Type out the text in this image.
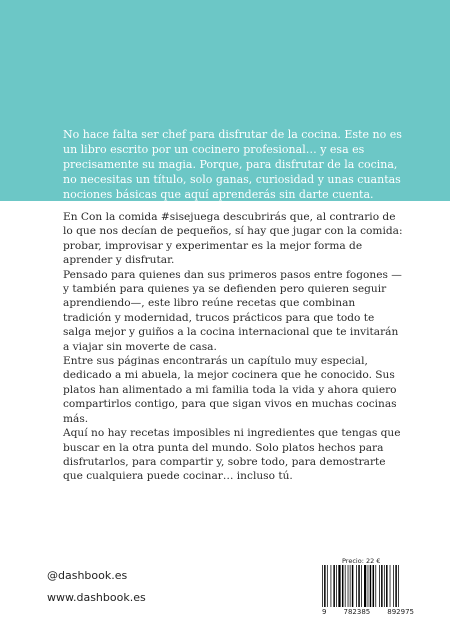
No hace falta ser chef para disfrutar de la cocina. Este no es un libro escrito por un cocinero profesional… y esa es precisamente su magia. Porque, para disfrutar de la cocina, no necesitas un título, solo ganas, curiosidad y unas cuantas nociones básicas que aquí aprenderás sin darte cuenta.

En Con la comida #sisejuega descubrirás que, al contrario de lo que nos decían de pequeños, sí hay que jugar con la comida: probar, improvisar y experimentar es la mejor forma de aprender y disfrutar.

Pensado para quienes dan sus primeros pasos entre fogones —y también para quienes ya se defienden pero quieren seguir aprendiendo—, este libro reúne recetas que combinan tradición y modernidad, trucos prácticos para que todo te salga mejor y guiños a la cocina internacional que te invitarán a viajar sin moverte de casa.

Entre sus páginas encontrarás un capítulo muy especial, dedicado a mi abuela, la mejor cocinera que he conocido. Sus platos han alimentado a mi familia toda la vida y ahora quiero compartirlos contigo, para que sigan vivos en muchas cocinas más.

Aquí no hay recetas imposibles ni ingredientes que tengas que buscar en la otra punta del mundo. Solo platos hechos para disfrutarlos, para compartir y, sobre todo, para demostrarte que cualquiera puede cocinar… incluso tú.

@dashbook.es
www.dashbook.es
Precio: 22 €
9 782385 892975
